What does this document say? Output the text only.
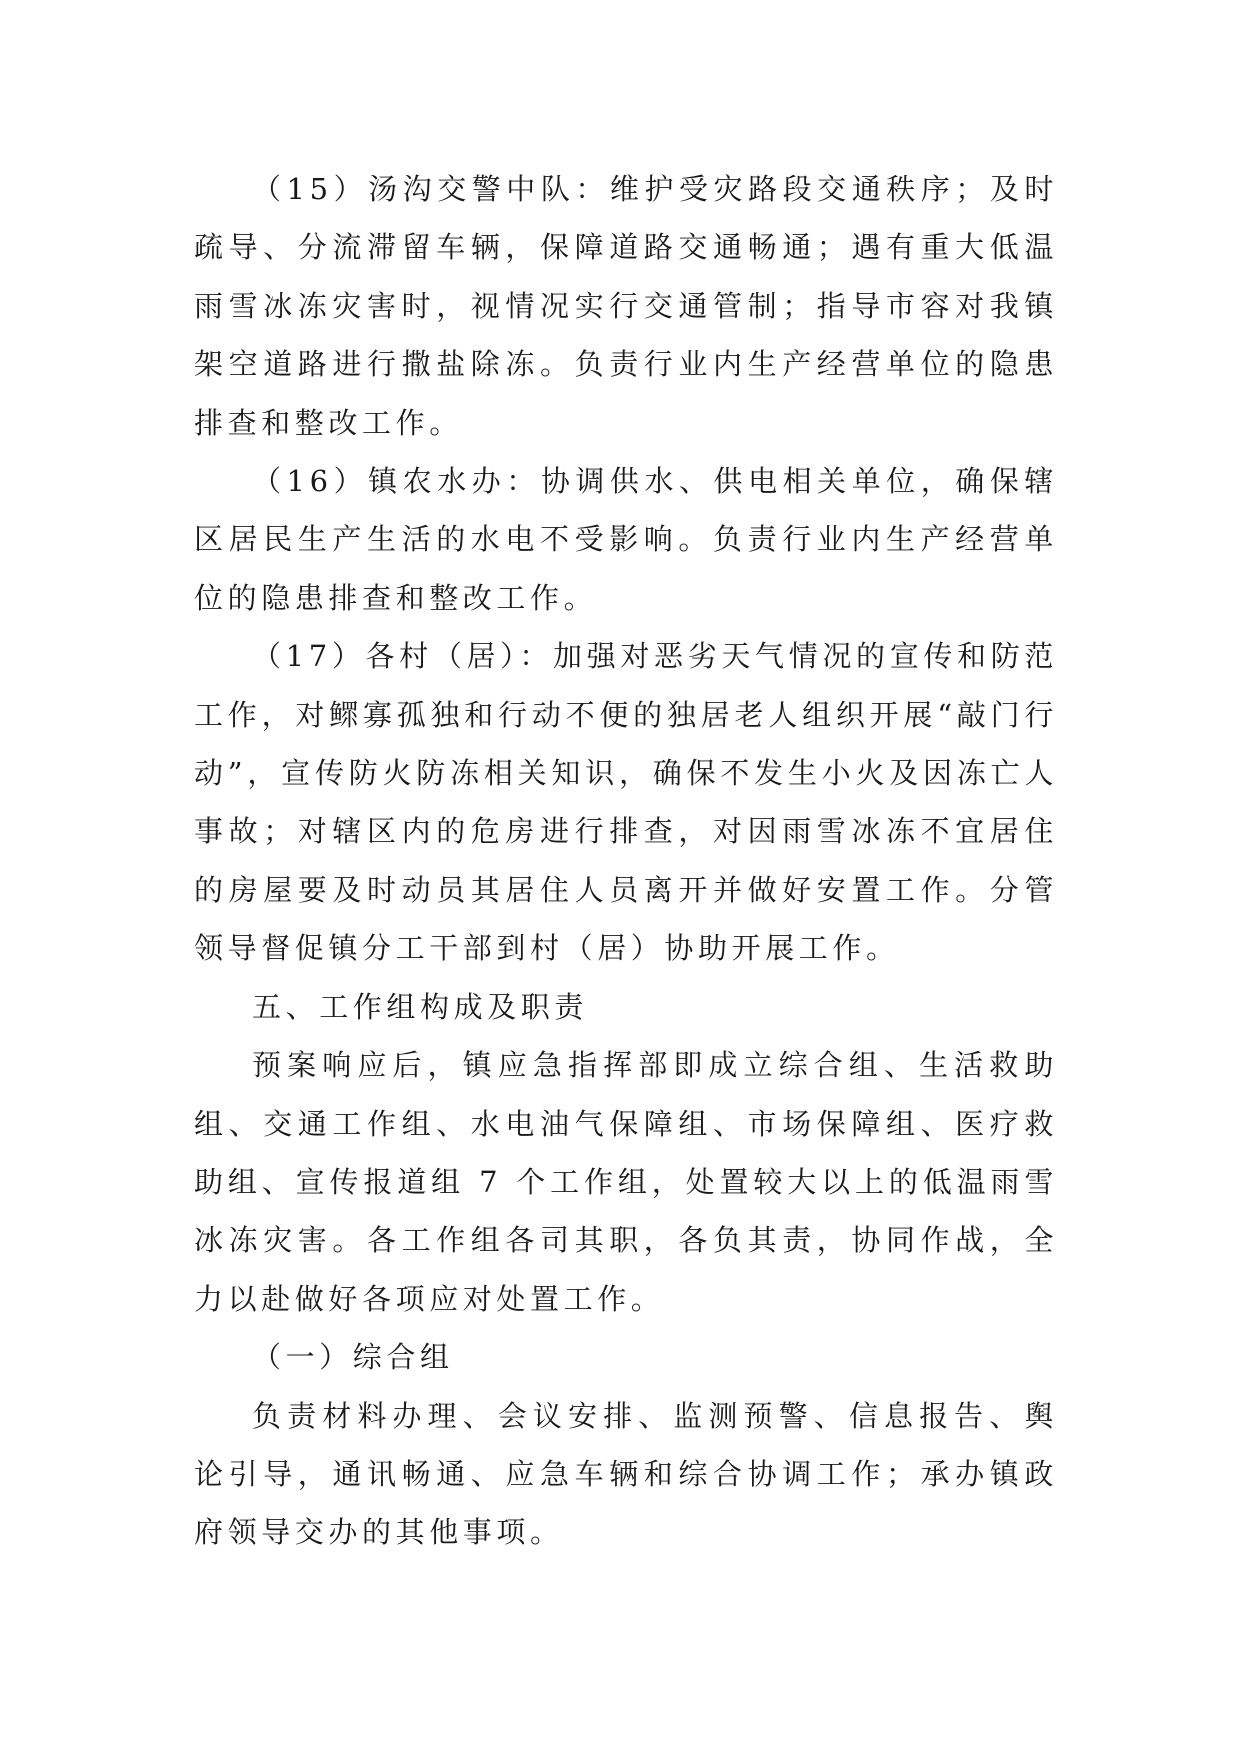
（15）汤沟交警中队：维护受灾路段交通秩序；及时疏导、分流滞留车辆，保障道路交通畅通；遇有重大低温雨雪冰冻灾害时，视情况实行交通管制；指导市容对我镇架空道路进行撒盐除冻。负责行业内生产经营单位的隐患排查和整改工作。

（16）镇农水办：协调供水、供电相关单位，确保辖区居民生产生活的水电不受影响。负责行业内生产经营单位的隐患排查和整改工作。

（17）各村（居）：加强对恶劣天气情况的宣传和防范工作，对鳏寡孤独和行动不便的独居老人组织开展“敲门行动”，宣传防火防冻相关知识，确保不发生小火及因冻亡人事故；对辖区内的危房进行排查，对因雨雪冰冻不宜居住的房屋要及时动员其居住人员离开并做好安置工作。分管领导督促镇分工干部到村（居）协助开展工作。

五、工作组构成及职责

预案响应后，镇应急指挥部即成立综合组、生活救助组、交通工作组、水电油气保障组、市场保障组、医疗救助组、宣传报道组 7 个工作组，处置较大以上的低温雨雪冰冻灾害。各工作组各司其职，各负其责，协同作战，全力以赴做好各项应对处置工作。

（一）综合组

负责材料办理、会议安排、监测预警、信息报告、舆论引导，通讯畅通、应急车辆和综合协调工作；承办镇政府领导交办的其他事项。
